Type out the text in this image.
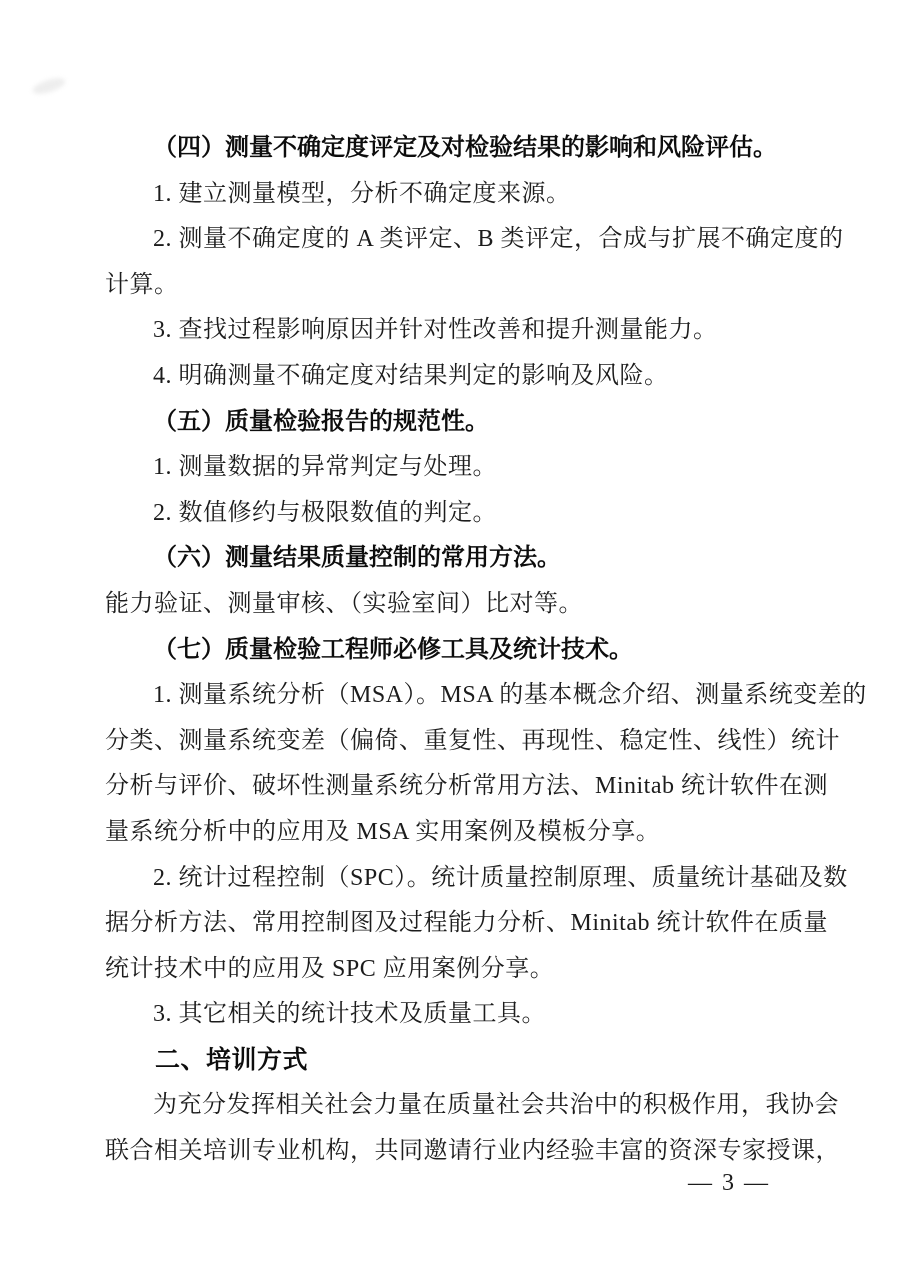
（四）测量不确定度评定及对检验结果的影响和风险评估。
1. 建立测量模型，分析不确定度来源。
2. 测量不确定度的 A 类评定、B 类评定，合成与扩展不确定度的
计算。
3. 查找过程影响原因并针对性改善和提升测量能力。
4. 明确测量不确定度对结果判定的影响及风险。
（五）质量检验报告的规范性。
1. 测量数据的异常判定与处理。
2. 数值修约与极限数值的判定。
（六）测量结果质量控制的常用方法。
能力验证、测量审核、（实验室间）比对等。
（七）质量检验工程师必修工具及统计技术。
1. 测量系统分析（MSA）。MSA 的基本概念介绍、测量系统变差的
分类、测量系统变差（偏倚、重复性、再现性、稳定性、线性）统计
分析与评价、破坏性测量系统分析常用方法、Minitab 统计软件在测
量系统分析中的应用及 MSA 实用案例及模板分享。
2. 统计过程控制（SPC）。统计质量控制原理、质量统计基础及数
据分析方法、常用控制图及过程能力分析、Minitab 统计软件在质量
统计技术中的应用及 SPC 应用案例分享。
3. 其它相关的统计技术及质量工具。
二、培训方式
为充分发挥相关社会力量在质量社会共治中的积极作用，我协会
联合相关培训专业机构，共同邀请行业内经验丰富的资深专家授课，
— 3 —
